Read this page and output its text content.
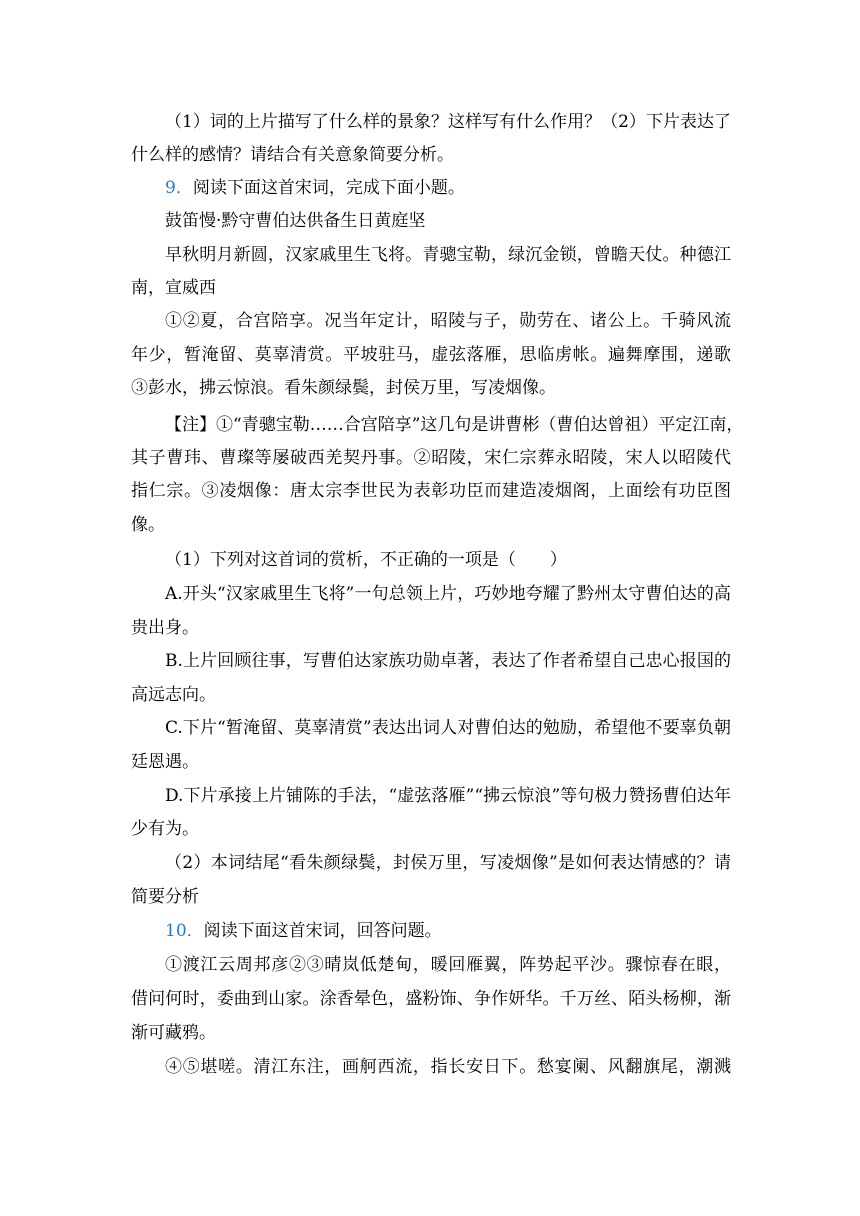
（1）词的上片描写了什么样的景象？这样写有什么作用？（2）下片表达了
什么样的感情？请结合有关意象简要分析。
9．阅读下面这首宋词，完成下面小题。
鼓笛慢·黔守曹伯达供备生日黄庭坚
早秋明月新圆，汉家戚里生飞将。青骢宝勒，绿沉金锁，曾瞻天仗。种德江
南，宣威西
①②夏，合宫陪享。况当年定计，昭陵与子，勋劳在、诸公上。千骑风流
年少，暂淹留、莫辜清赏。平坡驻马，虚弦落雁，思临虏帐。遍舞摩围，递歌
③彭水，拂云惊浪。看朱颜绿鬓，封侯万里，写凌烟像。
【注】①“青骢宝勒……合宫陪享”这几句是讲曹彬（曹伯达曾祖）平定江南，
其子曹玮、曹璨等屡破西羌契丹事。②昭陵，宋仁宗葬永昭陵，宋人以昭陵代
指仁宗。③凌烟像：唐太宗李世民为表彰功臣而建造凌烟阁，上面绘有功臣图
像。
（1）下列对这首词的赏析，不正确的一项是（　　）
A.开头“汉家戚里生飞将”一句总领上片，巧妙地夸耀了黔州太守曹伯达的高
贵出身。
B.上片回顾往事，写曹伯达家族功勋卓著，表达了作者希望自己忠心报国的
高远志向。
C.下片“暂淹留、莫辜清赏”表达出词人对曹伯达的勉励，希望他不要辜负朝
廷恩遇。
D.下片承接上片铺陈的手法，“虚弦落雁”“拂云惊浪”等句极力赞扬曹伯达年
少有为。
（2）本词结尾“看朱颜绿鬓，封侯万里，写凌烟像”是如何表达情感的？请
简要分析
10．阅读下面这首宋词，回答问题。
①渡江云周邦彦②③晴岚低楚甸，暖回雁翼，阵势起平沙。骤惊春在眼，
借问何时，委曲到山家。涂香晕色，盛粉饰、争作妍华。千万丝、陌头杨柳，渐
渐可藏鸦。
④⑤堪嗟。清江东注，画舸西流，指长安日下。愁宴阑、风翻旗尾，潮溅
